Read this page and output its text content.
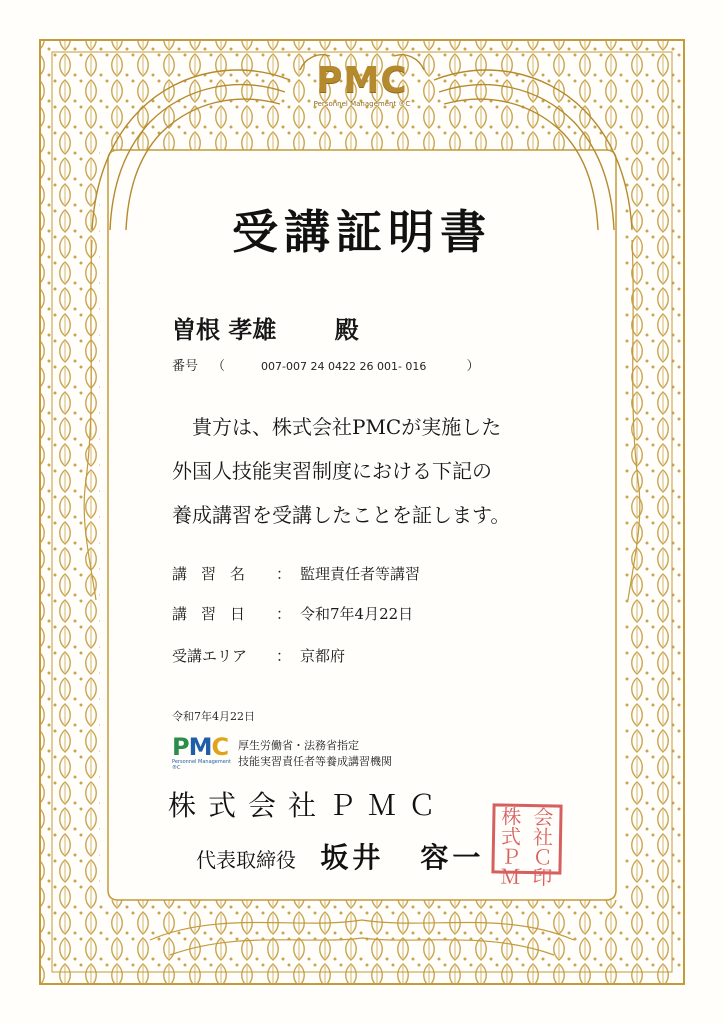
PMC
Personnel Management ®C
受講証明書
曽根 孝雄 殿
番号 （	007-007 24 0422 26 001- 016	）
貴方は、株式会社PMCが実施した
外国人技能実習制度における下記の
養成講習を受講したことを証します。
講習名 ： 監理責任者等講習
講習日 ： 令和7年4月22日
受講エリア ： 京都府
令和7年4月22日
PMC
Personnel Management ®C
厚生労働省・法務省指定
技能実習責任者等養成講習機関
株式会社ＰＭＣ
代表取締役 坂井 容一
株式
会社
ＰＭ
Ｃ印
